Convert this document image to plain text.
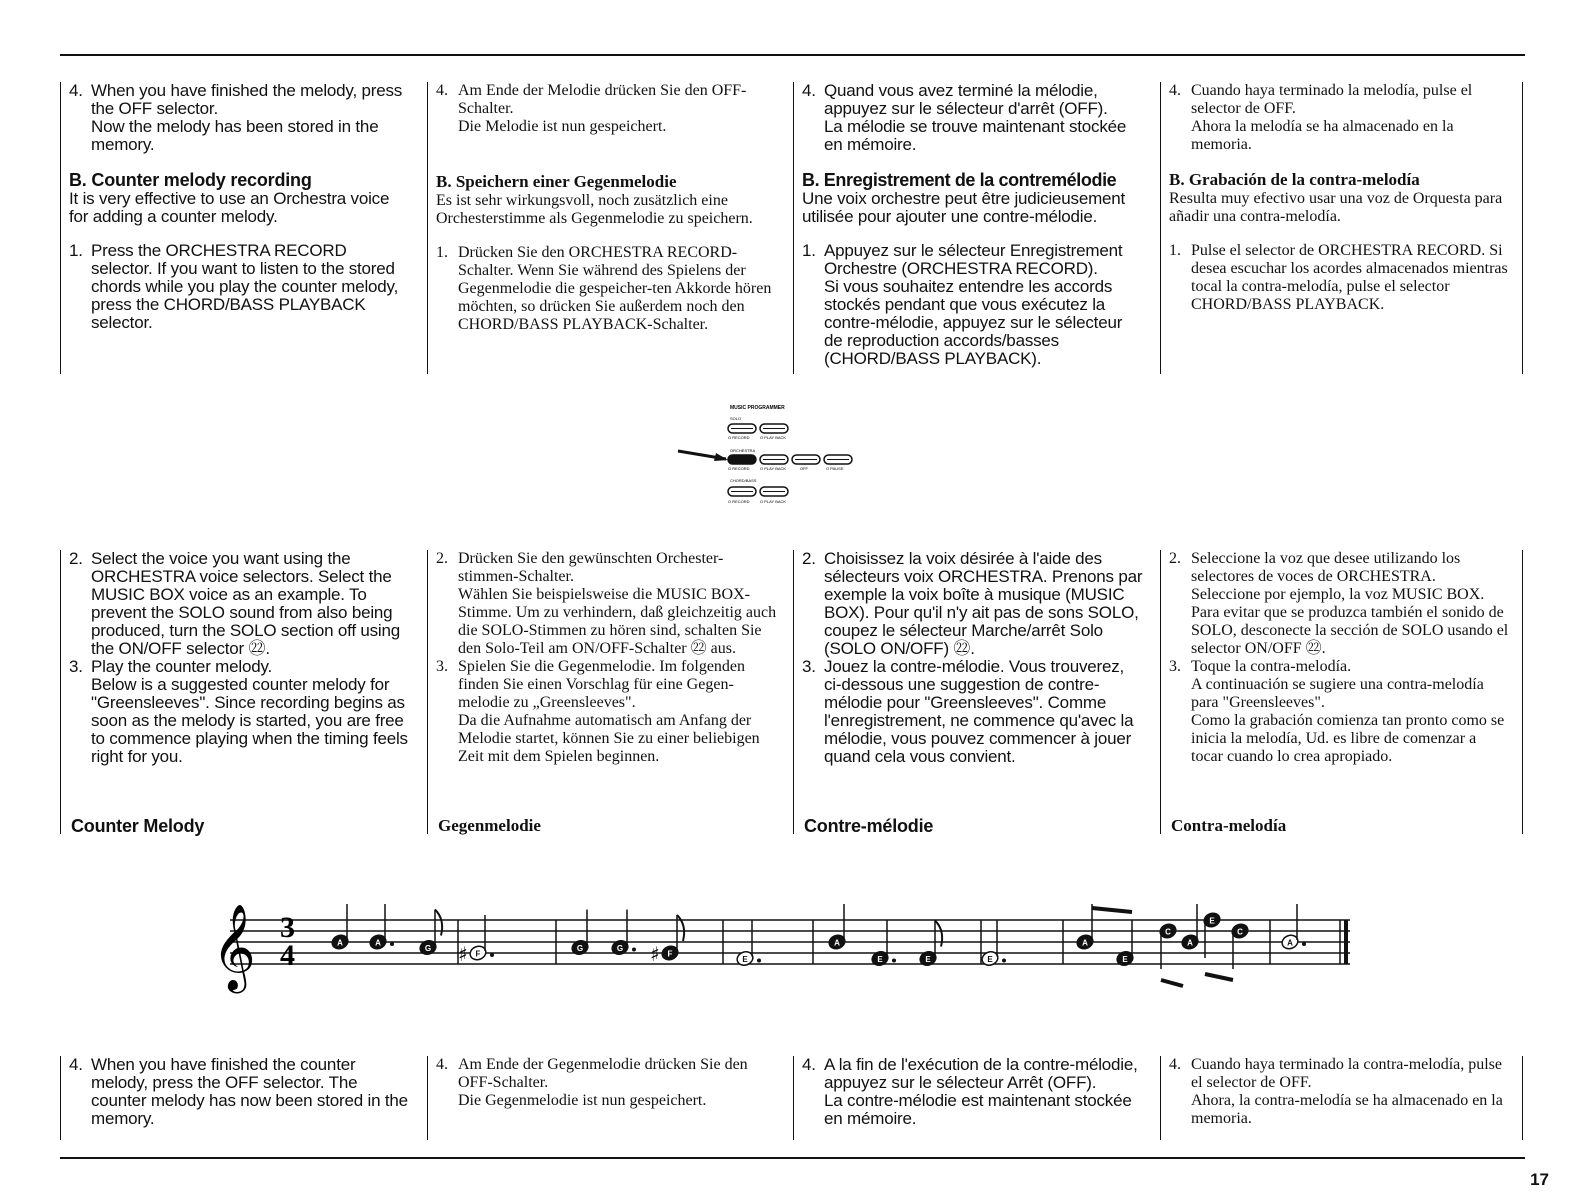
4. When you have finished the melody, press the OFF selector.
Now the melody has been stored in the memory.
B. Counter melody recording
It is very effective to use an Orchestra voice for adding a counter melody.
1. Press the ORCHESTRA RECORD selector. If you want to listen to the stored chords while you play the counter melody, press the CHORD/BASS PLAYBACK selector.
4. Am Ende der Melodie drücken Sie den OFF-Schalter.
Die Melodie ist nun gespeichert.
B. Speichern einer Gegenmelodie
Es ist sehr wirkungsvoll, noch zusätzlich eine Orchesterstimme als Gegenmelodie zu speichern.
1. Drücken Sie den ORCHESTRA RECORD-Schalter. Wenn Sie während des Spielens der Gegenmelodie die gespeicher-ten Akkorde hören möchten, so drücken Sie außerdem noch den CHORD/BASS PLAYBACK-Schalter.
4. Quand vous avez terminé la mélodie, appuyez sur le sélecteur d'arrêt (OFF).
La mélodie se trouve maintenant stockée en mémoire.
B. Enregistrement de la contremélodie
Une voix orchestre peut être judicieusement utilisée pour ajouter une contre-mélodie.
1. Appuyez sur le sélecteur Enregistrement Orchestre (ORCHESTRA RECORD).
Si vous souhaitez entendre les accords stockés pendant que vous exécutez la contre-mélodie, appuyez sur le sélecteur de reproduction accords/basses (CHORD/BASS PLAYBACK).
4. Cuando haya terminado la melodía, pulse el selector de OFF.
Ahora la melodía se ha almacenado en la memoria.
B. Grabación de la contra-melodía
Resulta muy efectivo usar una voz de Orquesta para añadir una contra-melodía.
1. Pulse el selector de ORCHESTRA RECORD. Si desea escuchar los acordes almacenados mientras tocal la contra-melodía, pulse el selector CHORD/BASS PLAYBACK.
MUSIC PROGRAMMER
SOLO
O RECORD	O PLAY BACK
ORCHESTRA
O RECORD	O PLAY BACK	OFF	O PAUSE
CHORD/BASS
O RECORD	O PLAY BACK
2. Select the voice you want using the ORCHESTRA voice selectors. Select the MUSIC BOX voice as an example. To prevent the SOLO sound from also being produced, turn the SOLO section off using the ON/OFF selector ㉒.
3. Play the counter melody.
Below is a suggested counter melody for "Greensleeves". Since recording begins as soon as the melody is started, you are free to commence playing when the timing feels right for you.
Counter Melody
2. Drücken Sie den gewünschten Orchester-stimmen-Schalter.
Wählen Sie beispielsweise die MUSIC BOX-Stimme. Um zu verhindern, daß gleichzeitig auch die SOLO-Stimmen zu hören sind, schalten Sie den Solo-Teil am ON/OFF-Schalter ㉒ aus.
3. Spielen Sie die Gegenmelodie. Im folgenden finden Sie einen Vorschlag für eine Gegen-melodie zu „Greensleeves".
Da die Aufnahme automatisch am Anfang der Melodie startet, können Sie zu einer beliebigen Zeit mit dem Spielen beginnen.
Gegenmelodie
2. Choisissez la voix désirée à l'aide des sélecteurs voix ORCHESTRA. Prenons par exemple la voix boîte à musique (MUSIC BOX). Pour qu'il n'y ait pas de sons SOLO, coupez le sélecteur Marche/arrêt Solo (SOLO ON/OFF) ㉒.
3. Jouez la contre-mélodie. Vous trouverez, ci-dessous une suggestion de contre-mélodie pour "Greensleeves". Comme l'enregistrement, ne commence qu'avec la mélodie, vous pouvez commencer à jouer quand cela vous convient.
Contre-mélodie
2. Seleccione la voz que desee utilizando los selectores de voces de ORCHESTRA.
Seleccione por ejemplo, la voz MUSIC BOX. Para evitar que se produzca también el sonido de SOLO, desconecte la sección de SOLO usando el selector ON/OFF ㉒.
3. Toque la contra-melodía.
A continuación se sugiere una contra-melodía para "Greensleeves".
Como la grabación comienza tan pronto como se inicia la melodía, Ud. es libre de comenzar a tocar cuando lo crea apropiado.
Contra-melodía
𝄞 3
4	A	A
G
F
♯	G	G
F
♯	E
A
E	E	E
A
E
C
A
E
C
A
4. When you have finished the counter melody, press the OFF selector. The counter melody has now been stored in the memory.
4. Am Ende der Gegenmelodie drücken Sie den OFF-Schalter.
Die Gegenmelodie ist nun gespeichert.
4. A la fin de l'exécution de la contre-mélodie, appuyez sur le sélecteur Arrêt (OFF).
La contre-mélodie est maintenant stockée en mémoire.
4. Cuando haya terminado la contra-melodía, pulse el selector de OFF.
Ahora, la contra-melodía se ha almacenado en la memoria.
17
